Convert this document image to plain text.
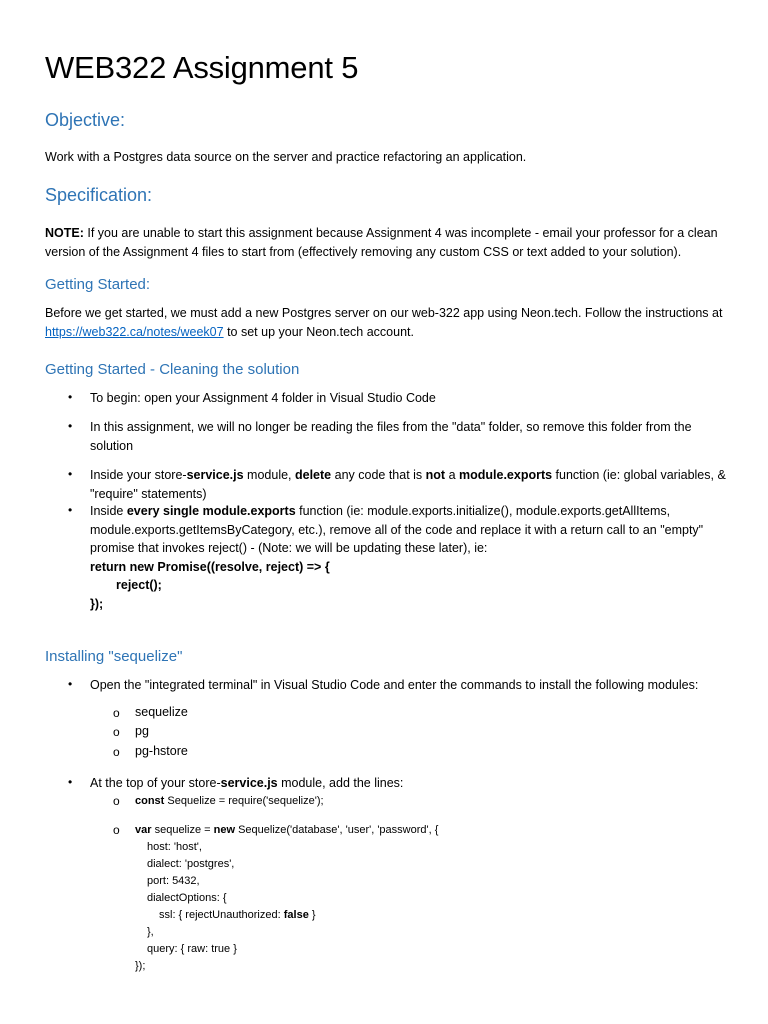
WEB322 Assignment 5
Objective:
Work with a Postgres data source on the server and practice refactoring an application.
Specification:
NOTE: If you are unable to start this assignment because Assignment 4 was incomplete - email your professor for a clean version of the Assignment 4 files to start from (effectively removing any custom CSS or text added to your solution).
Getting Started:
Before we get started, we must add a new Postgres server on our web-322 app using Neon.tech. Follow the instructions at https://web322.ca/notes/week07 to set up your Neon.tech account.
Getting Started - Cleaning the solution
• To begin: open your Assignment 4 folder in Visual Studio Code
• In this assignment, we will no longer be reading the files from the "data" folder, so remove this folder from the solution
• Inside your store-service.js module, delete any code that is not a module.exports function (ie: global variables, & "require" statements)
• Inside every single module.exports function (ie: module.exports.initialize(), module.exports.getAllItems, module.exports.getItemsByCategory, etc.), remove all of the code and replace it with a return call to an "empty" promise that invokes reject() - (Note: we will be updating these later), ie:
return new Promise((resolve, reject) => {
reject();
});
Installing "sequelize"
• Open the "integrated terminal" in Visual Studio Code and enter the commands to install the following modules:
o sequelize
o pg
o pg-hstore
• At the top of your store-service.js module, add the lines:
o const Sequelize = require('sequelize');
o var sequelize = new Sequelize('database', 'user', 'password', {
host: 'host',
dialect: 'postgres',
port: 5432,
dialectOptions: {
ssl: { rejectUnauthorized: false }
},
query: { raw: true }
});
